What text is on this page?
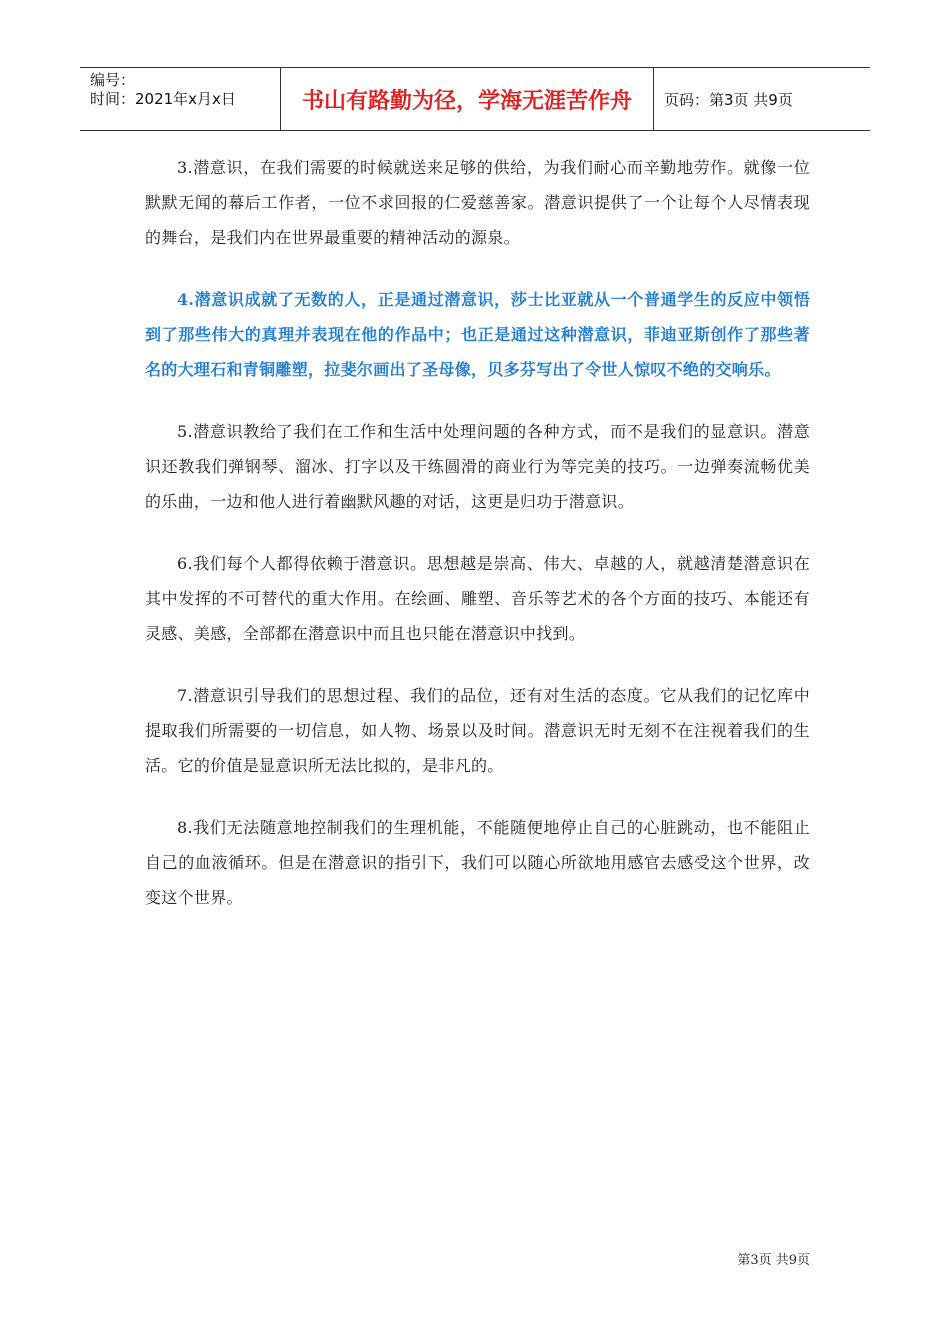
编号：
时间：2021年x月x日	书山有路勤为径，学海无涯苦作舟	页码：第3页 共9页

3.潜意识，在我们需要的时候就送来足够的供给，为我们耐心而辛勤地劳作。就像一位默默无闻的幕后工作者，一位不求回报的仁爱慈善家。潜意识提供了一个让每个人尽情表现的舞台，是我们内在世界最重要的精神活动的源泉。

4.潜意识成就了无数的人，正是通过潜意识，莎士比亚就从一个普通学生的反应中领悟到了那些伟大的真理并表现在他的作品中；也正是通过这种潜意识，菲迪亚斯创作了那些著名的大理石和青铜雕塑，拉斐尔画出了圣母像，贝多芬写出了令世人惊叹不绝的交响乐。

5.潜意识教给了我们在工作和生活中处理问题的各种方式，而不是我们的显意识。潜意识还教我们弹钢琴、溜冰、打字以及干练圆滑的商业行为等完美的技巧。一边弹奏流畅优美的乐曲，一边和他人进行着幽默风趣的对话，这更是归功于潜意识。

6.我们每个人都得依赖于潜意识。思想越是崇高、伟大、卓越的人，就越清楚潜意识在其中发挥的不可替代的重大作用。在绘画、雕塑、音乐等艺术的各个方面的技巧、本能还有灵感、美感，全部都在潜意识中而且也只能在潜意识中找到。

7.潜意识引导我们的思想过程、我们的品位，还有对生活的态度。它从我们的记忆库中提取我们所需要的一切信息，如人物、场景以及时间。潜意识无时无刻不在注视着我们的生活。它的价值是显意识所无法比拟的，是非凡的。

8.我们无法随意地控制我们的生理机能，不能随便地停止自己的心脏跳动，也不能阻止自己的血液循环。但是在潜意识的指引下，我们可以随心所欲地用感官去感受这个世界，改变这个世界。

第3页 共9页
